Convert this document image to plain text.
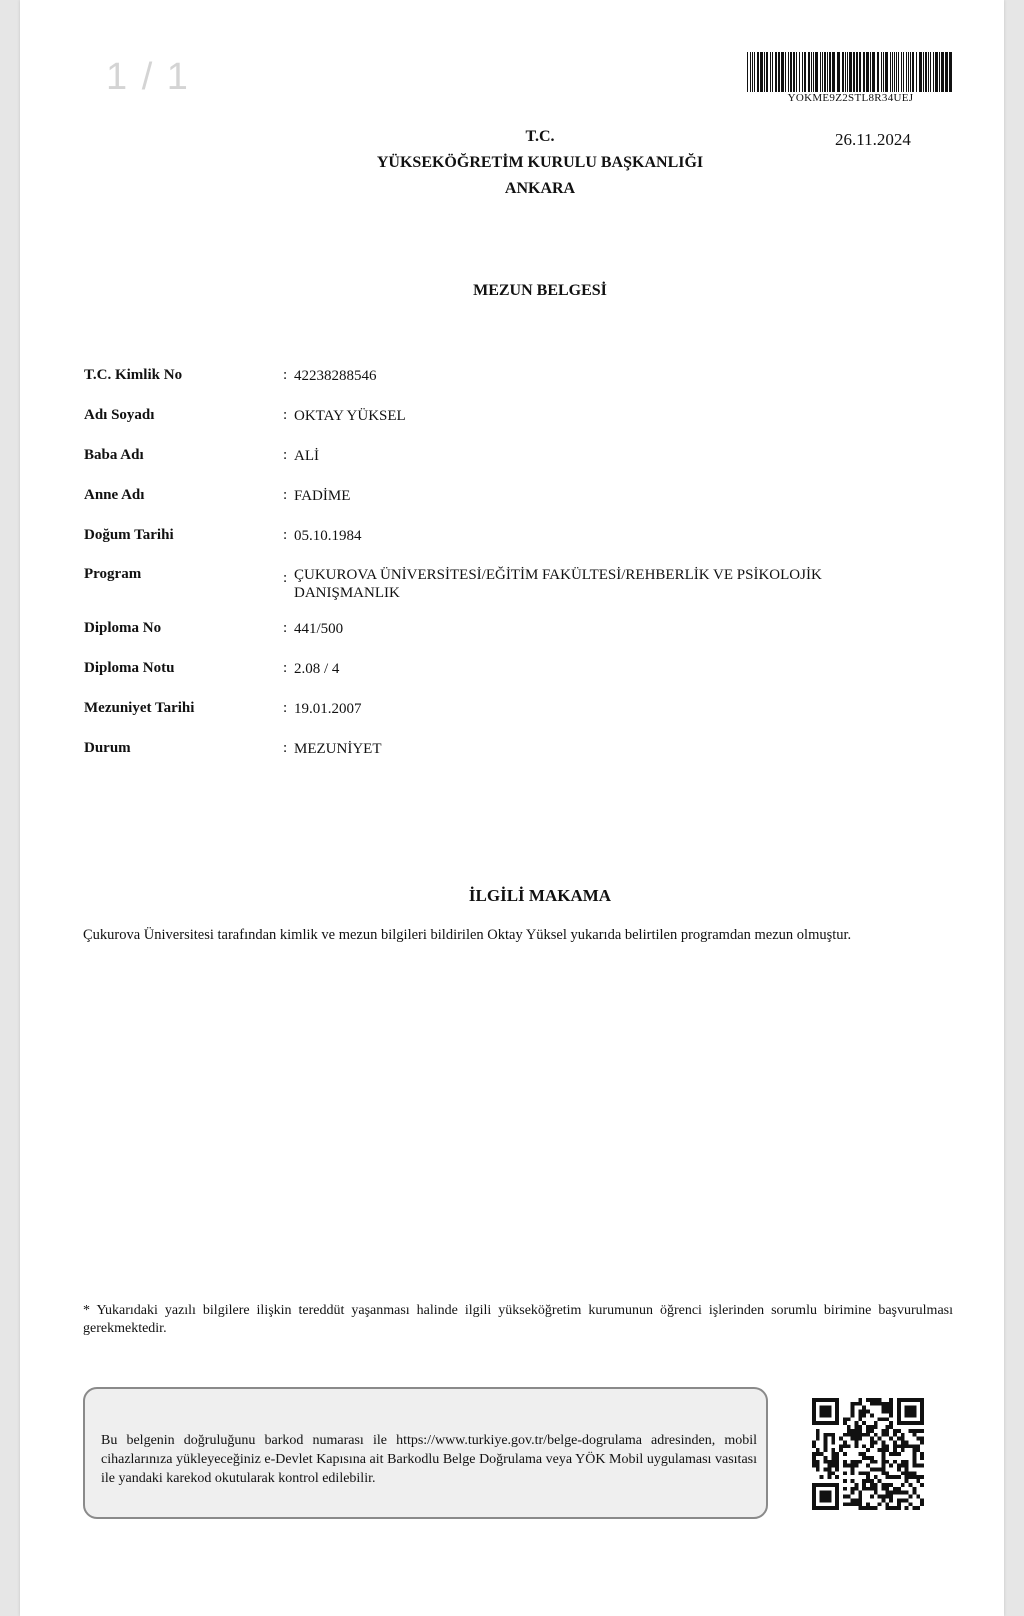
1 / 1	YOKME9Z2STL8R34UEJ
26.11.2024
T.C.
YÜKSEKÖĞRETİM KURULU BAŞKANLIĞI
ANKARA
MEZUN BELGESİ
T.C. Kimlik No	: 42238288546
Adı Soyadı	: OKTAY YÜKSEL
Baba Adı	: ALİ
Anne Adı	: FADİME
Doğum Tarihi	: 05.10.1984
Program	: ÇUKUROVA ÜNİVERSİTESİ/EĞİTİM FAKÜLTESİ/REHBERLİK VE PSİKOLOJİK DANIŞMANLIK
Diploma No	: 441/500
Diploma Notu	: 2.08 / 4
Mezuniyet Tarihi	: 19.01.2007
Durum	: MEZUNİYET
İLGİLİ MAKAMA
Çukurova Üniversitesi tarafından kimlik ve mezun bilgileri bildirilen Oktay Yüksel yukarıda belirtilen programdan mezun olmuştur.
* Yukarıdaki yazılı bilgilere ilişkin tereddüt yaşanması halinde ilgili yükseköğretim kurumunun öğrenci işlerinden sorumlu birimine başvurulması gerekmektedir.
Bu belgenin doğruluğunu barkod numarası ile https://www.turkiye.gov.tr/belge-dogrulama adresinden, mobil cihazlarınıza yükleyeceğiniz e-Devlet Kapısına ait Barkodlu Belge Doğrulama veya YÖK Mobil uygulaması vasıtası ile yandaki karekod okutularak kontrol edilebilir.
